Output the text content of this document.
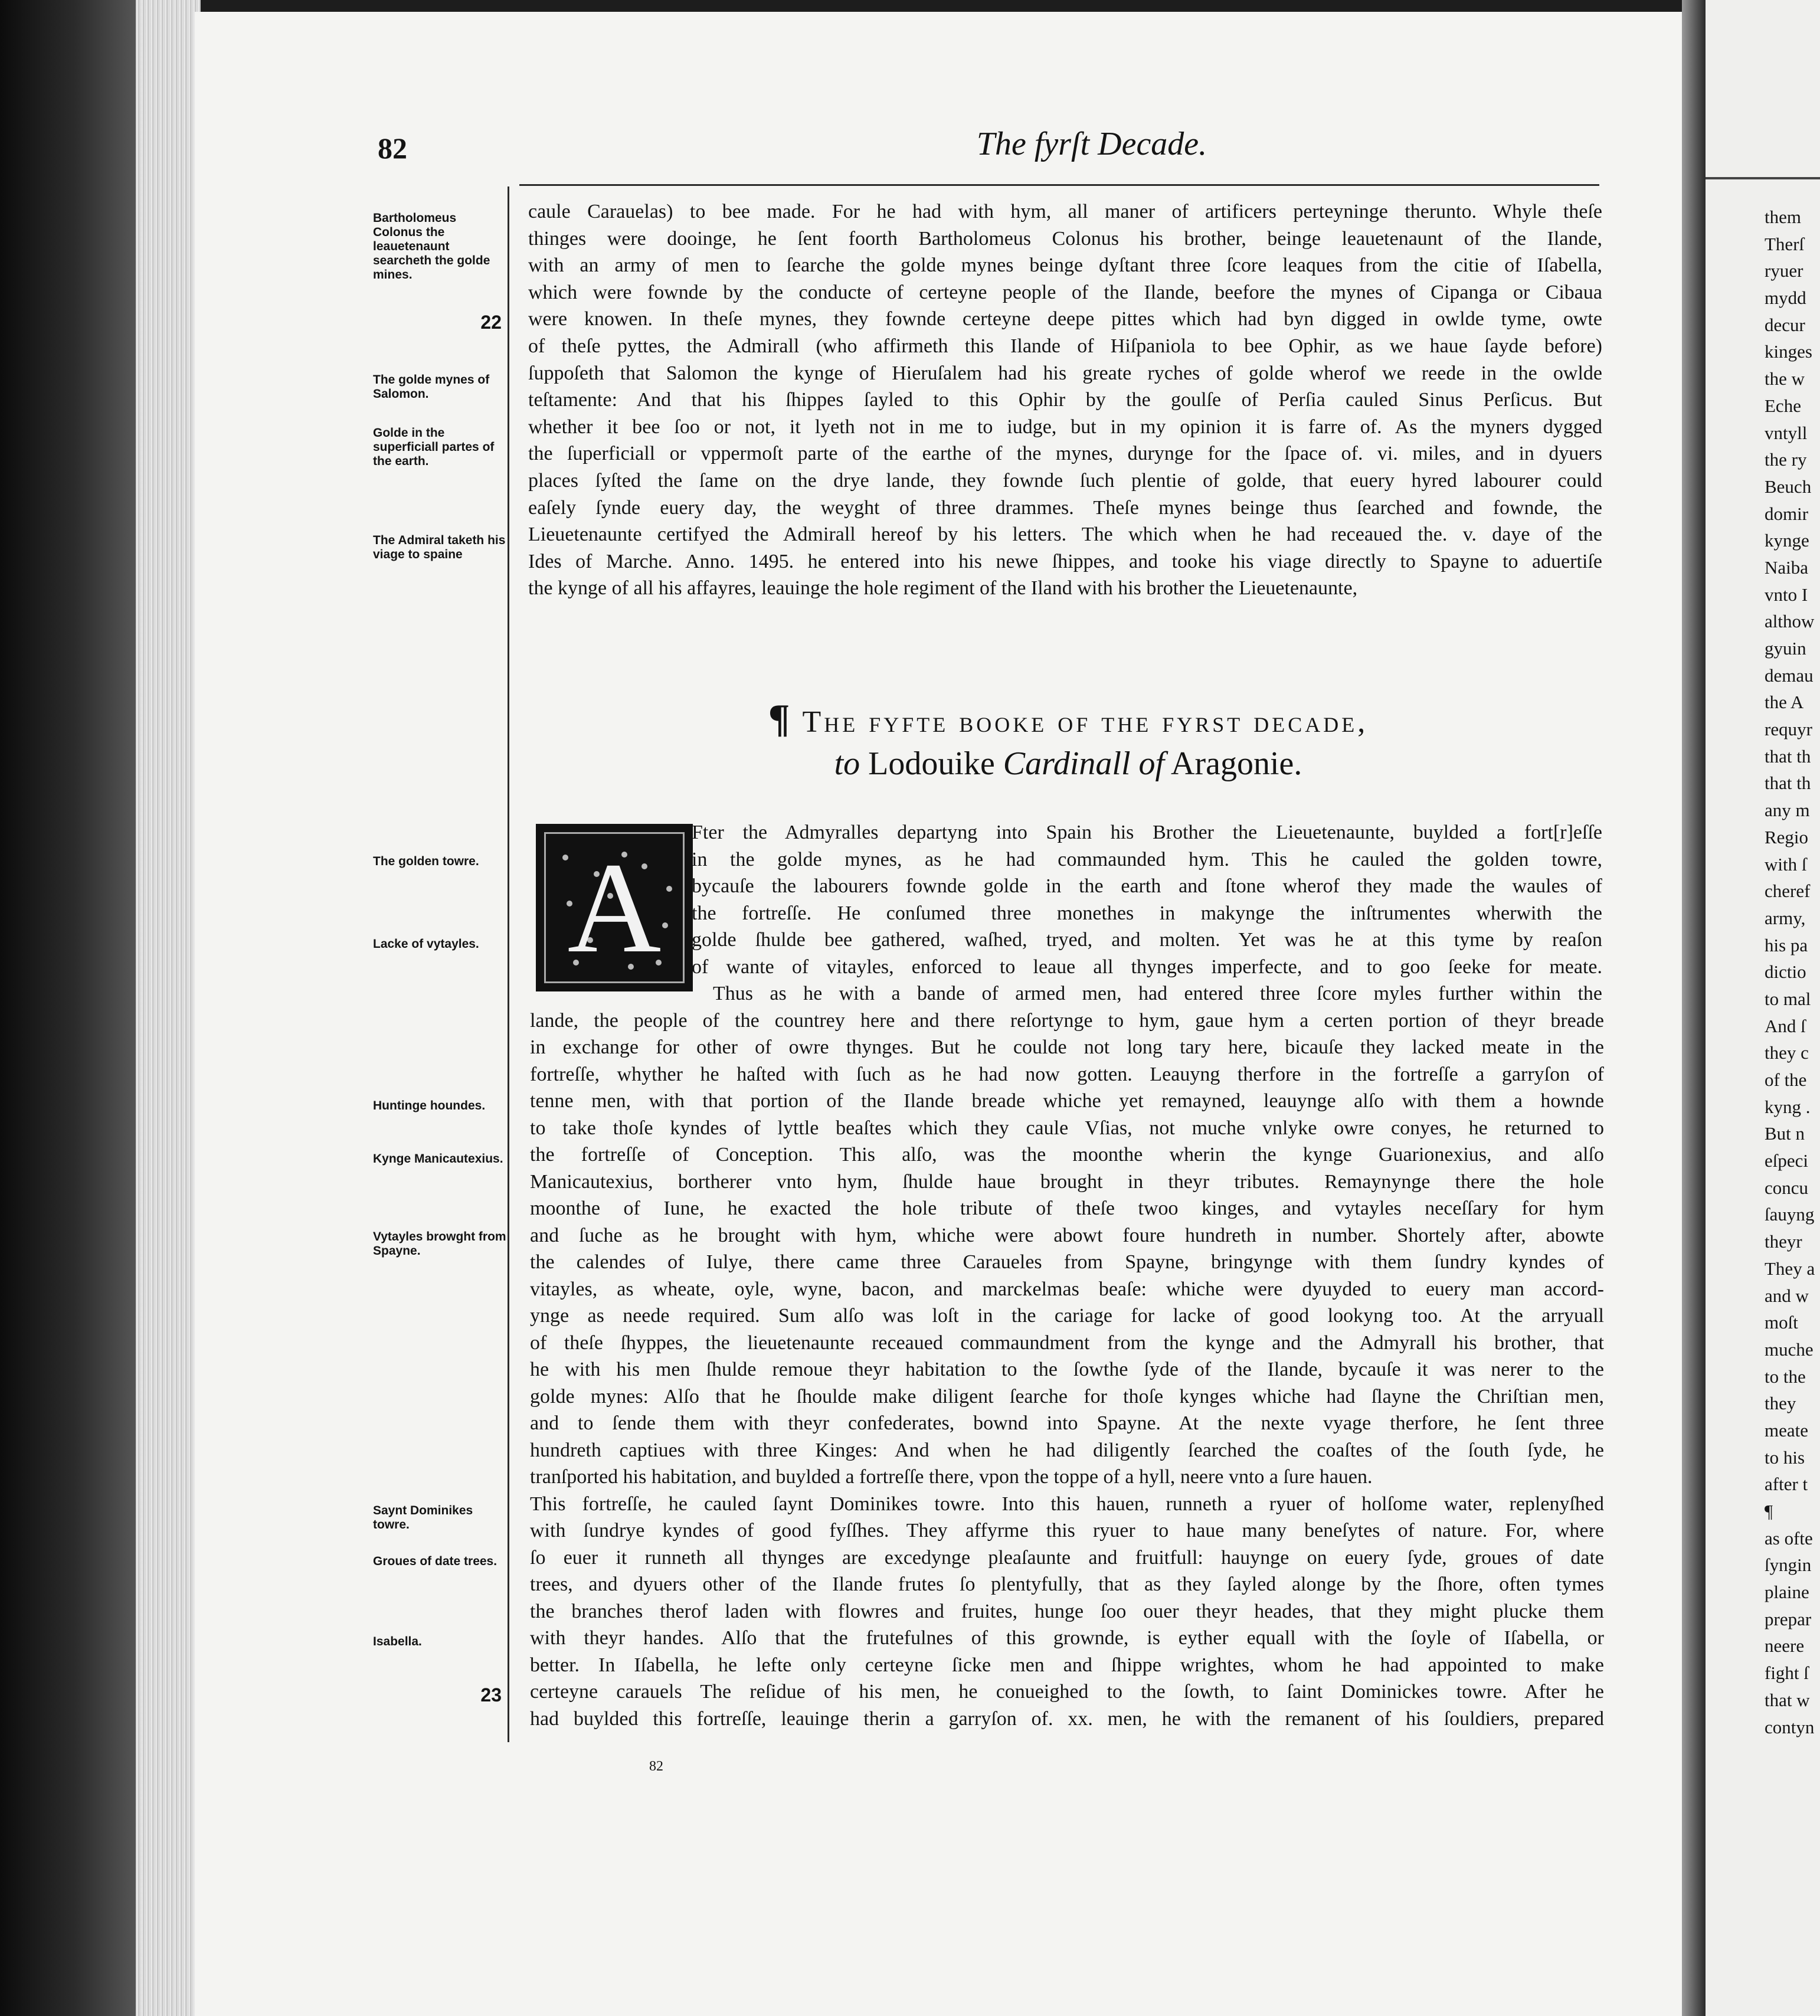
them
Therſ
ryuer
mydd
decur
kinges
the w
Eche
vntyll
the ry
Beuch
domir
kynge
Naiba
vnto I
althow
gyuin
demau
the A
requyr
that th
that th
any m
Regio
with ſ
cheref
army,
his pa
dictio
to mal
And ſ
they c
of the
kyng .
But n
eſpeci
concu
ſauyng
theyr
They a
and w
moſt
muche
to the
they
meate
to his
after t
¶
as ofte
ſyngin
plaine
prepar
neere
fight ſ
that w
contyn
82	The fyrſt Decade.
Bartholomeus Colonus the leauetenaunt searcheth the golde mines.
22
The golde mynes of Salomon.
Golde in the superficiall partes of the earth.
The Admiral taketh his viage to spaine
The golden towre.
Lacke of vytayles.
Huntinge houndes.
Kynge Manicautexius.
Vytayles browght from Spayne.
Saynt Dominikes towre.
Groues of date trees.
Isabella.
23
caule Carauelas) to bee made. For he had with hym, all maner of artificers perteyninge therunto. Whyle theſe
thinges were dooinge, he ſent foorth Bartholomeus Colonus his brother, beinge leauetenaunt of the Ilande,
with an army of men to ſearche the golde mynes beinge dyſtant three ſcore leaques from the citie of Iſabella,
which were fownde by the conducte of certeyne people of the Ilande, beefore the mynes of Cipanga or Cibaua
were knowen. In theſe mynes, they fownde certeyne deepe pittes which had byn digged in owlde tyme, owte
of theſe pyttes, the Admirall (who affirmeth this Ilande of Hiſpaniola to bee Ophir, as we haue ſayde before)
ſuppoſeth that Salomon the kynge of Hieruſalem had his greate ryches of golde wherof we reede in the owlde
teſtamente: And that his ſhippes ſayled to this Ophir by the goulſe of Perſia cauled Sinus Perſicus. But
whether it bee ſoo or not, it lyeth not in me to iudge, but in my opinion it is farre of. As the myners dygged
the ſuperficiall or vppermoſt parte of the earthe of the mynes, durynge for the ſpace of. vi. miles, and in dyuers
places ſyſted the ſame on the drye lande, they fownde ſuch plentie of golde, that euery hyred labourer could
eaſely ſynde euery day, the weyght of three drammes. Theſe mynes beinge thus ſearched and fownde, the
Lieuetenaunte certifyed the Admirall hereof by his letters. The which when he had receaued the. v. daye of the
Ides of Marche. Anno. 1495. he entered into his newe ſhippes, and tooke his viage directly to Spayne to aduertiſe
the kynge of all his affayres, leauinge the hole regiment of the Iland with his brother the Lieuetenaunte,
¶ The fyfte booke of the fyrst decade,
to Lodouike Cardinall of Aragonie.
A
Fter the Admyralles departyng into Spain his Brother the Lieuetenaunte, buylded a fort[r]eſſe
in the golde mynes, as he had commaunded hym. This he cauled the golden towre,
bycauſe the labourers fownde golde in the earth and ſtone wherof they made the waules of
the fortreſſe. He conſumed three monethes in makynge the inſtrumentes wherwith the
golde ſhulde bee gathered, waſhed, tryed, and molten. Yet was he at this tyme by reaſon
of wante of vitayles, enforced to leaue all thynges imperfecte, and to goo ſeeke for meate.
Thus as he with a bande of armed men, had entered three ſcore myles further within the
lande, the people of the countrey here and there reſortynge to hym, gaue hym a certen portion of theyr breade
in exchange for other of owre thynges. But he coulde not long tary here, bicauſe they lacked meate in the
fortreſſe, whyther he haſted with ſuch as he had now gotten. Leauyng therfore in the fortreſſe a garryſon of
tenne men, with that portion of the Ilande breade whiche yet remayned, leauynge alſo with them a hownde
to take thoſe kyndes of lyttle beaſtes which they caule Vſias, not muche vnlyke owre conyes, he returned to
the fortreſſe of Conception. This alſo, was the moonthe wherin the kynge Guarionexius, and alſo
Manicautexius, bortherer vnto hym, ſhulde haue brought in theyr tributes. Remaynynge there the hole
moonthe of Iune, he exacted the hole tribute of theſe twoo kinges, and vytayles neceſſary for hym
and ſuche as he brought with hym, whiche were abowt foure hundreth in number. Shortely after, abowte
the calendes of Iulye, there came three Caraueles from Spayne, bringynge with them ſundry kyndes of
vitayles, as wheate, oyle, wyne, bacon, and marckelmas beaſe: whiche were dyuyded to euery man accord-
ynge as neede required. Sum alſo was loſt in the cariage for lacke of good lookyng too. At the arryuall
of theſe ſhyppes, the lieuetenaunte receaued commaundment from the kynge and the Admyrall his brother, that
he with his men ſhulde remoue theyr habitation to the ſowthe ſyde of the Ilande, bycauſe it was nerer to the
golde mynes: Alſo that he ſhoulde make diligent ſearche for thoſe kynges whiche had ſlayne the Chriſtian men,
and to ſende them with theyr confederates, bownd into Spayne. At the nexte vyage therfore, he ſent three
hundreth captiues with three Kinges: And when he had diligently ſearched the coaſtes of the ſouth ſyde, he
tranſported his habitation, and buylded a fortreſſe there, vpon the toppe of a hyll, neere vnto a ſure hauen.
This fortreſſe, he cauled ſaynt Dominikes towre. Into this hauen, runneth a ryuer of holſome water, replenyſhed
with ſundrye kyndes of good fyſſhes. They affyrme this ryuer to haue many beneſytes of nature. For, where
ſo euer it runneth all thynges are excedynge pleaſaunte and fruitfull: hauynge on euery ſyde, groues of date
trees, and dyuers other of the Ilande frutes ſo plentyfully, that as they ſayled alonge by the ſhore, often tymes
the branches therof laden with flowres and fruites, hunge ſoo ouer theyr heades, that they might plucke them
with theyr handes. Alſo that the frutefulnes of this grownde, is eyther equall with the ſoyle of Iſabella, or
better. In Iſabella, he lefte only certeyne ſicke men and ſhippe wrightes, whom he had appointed to make
certeyne carauels The reſidue of his men, he conueighed to the ſowth, to ſaint Dominickes towre. After he
had buylded this fortreſſe, leauinge therin a garryſon of. xx. men, he with the remanent of his ſouldiers, prepared
82
